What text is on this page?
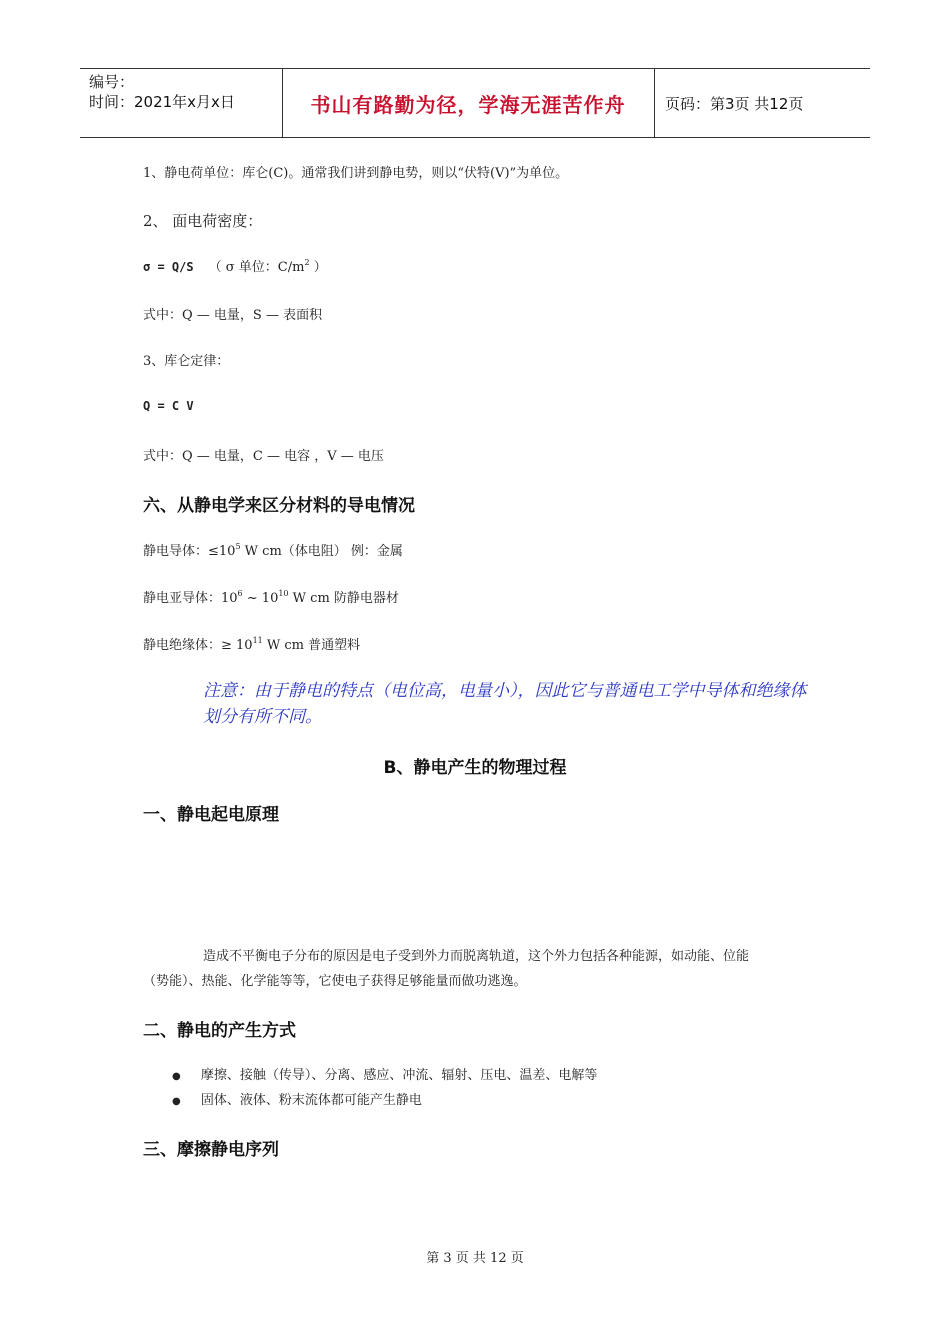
编号：
时间：2021年x月x日	书山有路勤为径，学海无涯苦作舟	页码：第3页 共12页
1、静电荷单位：库仑(C)。通常我们讲到静电势，则以“伏特(V)”为单位。
2、 面电荷密度：
σ = Q/S （ σ 单位：$C/m^2$ ）
式中：Q — 电量，S — 表面积
3、库仑定律：
Q = C V
式中：Q — 电量，C — 电容 ，V — 电压
六、从静电学来区分材料的导电情况
静电导体：$\le 10^5$ W cm（体电阻） 例：金属
静电亚导体：$10^6$ ~ $10^{10}$ W cm 防静电器材
静电绝缘体：≥ $10^{11}$ W cm 普通塑料
注意：由于静电的特点（电位高，电量小），因此它与普通电工学中导体和绝缘体划分有所不同。
B、静电产生的物理过程
一、静电起电原理
造成不平衡电子分布的原因是电子受到外力而脱离轨道，这个外力包括各种能源，如动能、位能
（势能）、热能、化学能等等，它使电子获得足够能量而做功逃逸。
二、静电的产生方式
● 摩擦、接触（传导）、分离、感应、冲流、辐射、压电、温差、电解等
● 固体、液体、粉末流体都可能产生静电
三、摩擦静电序列
第 3 页 共 12 页
